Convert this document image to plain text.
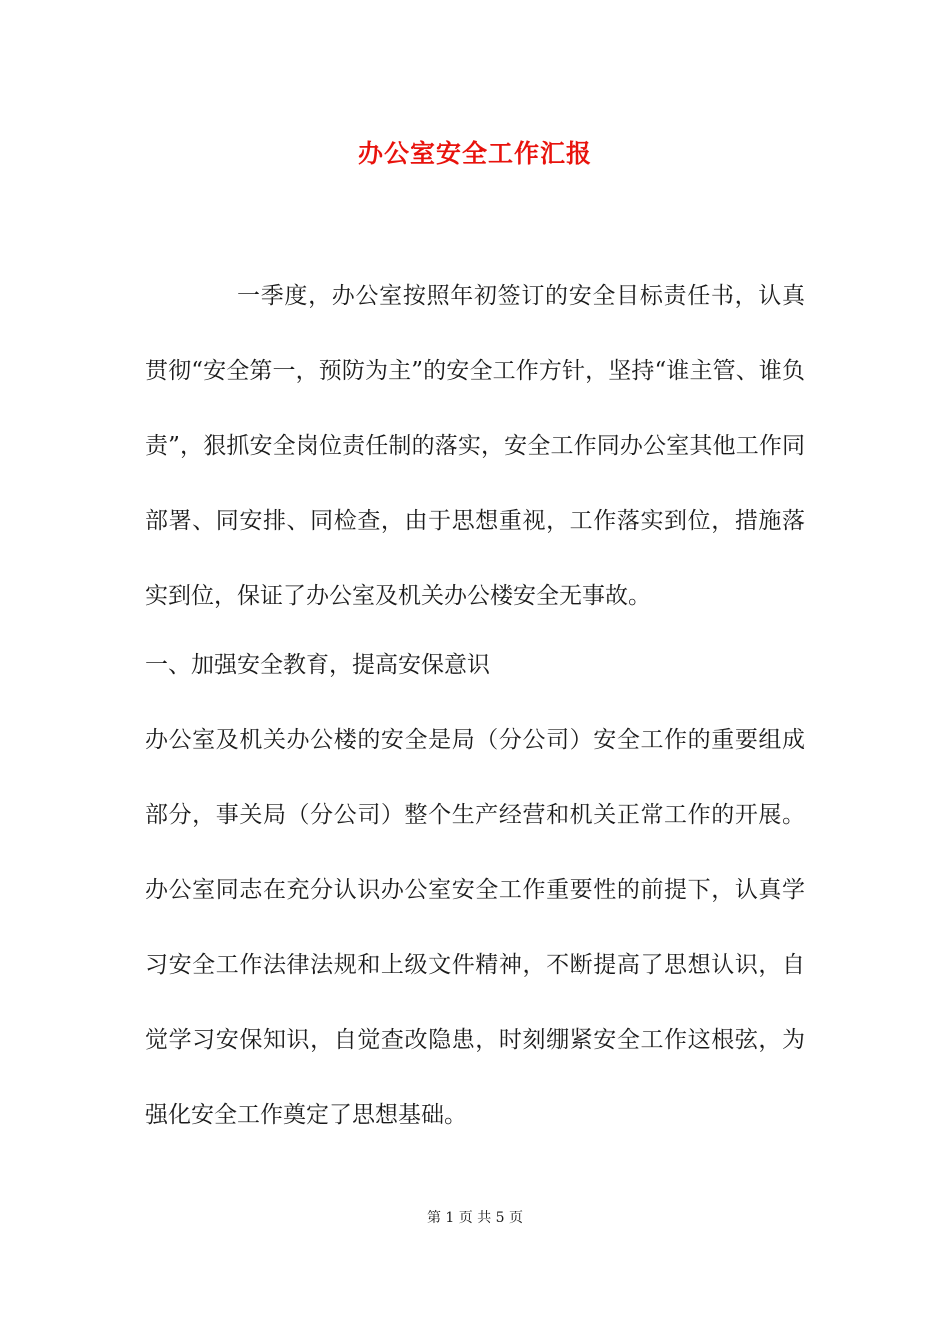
办公室安全工作汇报

一季度，办公室按照年初签订的安全目标责任书，认真贯彻“安全第一，预防为主”的安全工作方针，坚持“谁主管、谁负责”，狠抓安全岗位责任制的落实，安全工作同办公室其他工作同部署、同安排、同检查，由于思想重视，工作落实到位，措施落实到位，保证了办公室及机关办公楼安全无事故。

一、加强安全教育，提高安保意识

办公室及机关办公楼的安全是局（分公司）安全工作的重要组成部分，事关局（分公司）整个生产经营和机关正常工作的开展。办公室同志在充分认识办公室安全工作重要性的前提下，认真学习安全工作法律法规和上级文件精神，不断提高了思想认识，自觉学习安保知识，自觉查改隐患，时刻绷紧安全工作这根弦，为强化安全工作奠定了思想基础。

第 1 页 共 5 页
